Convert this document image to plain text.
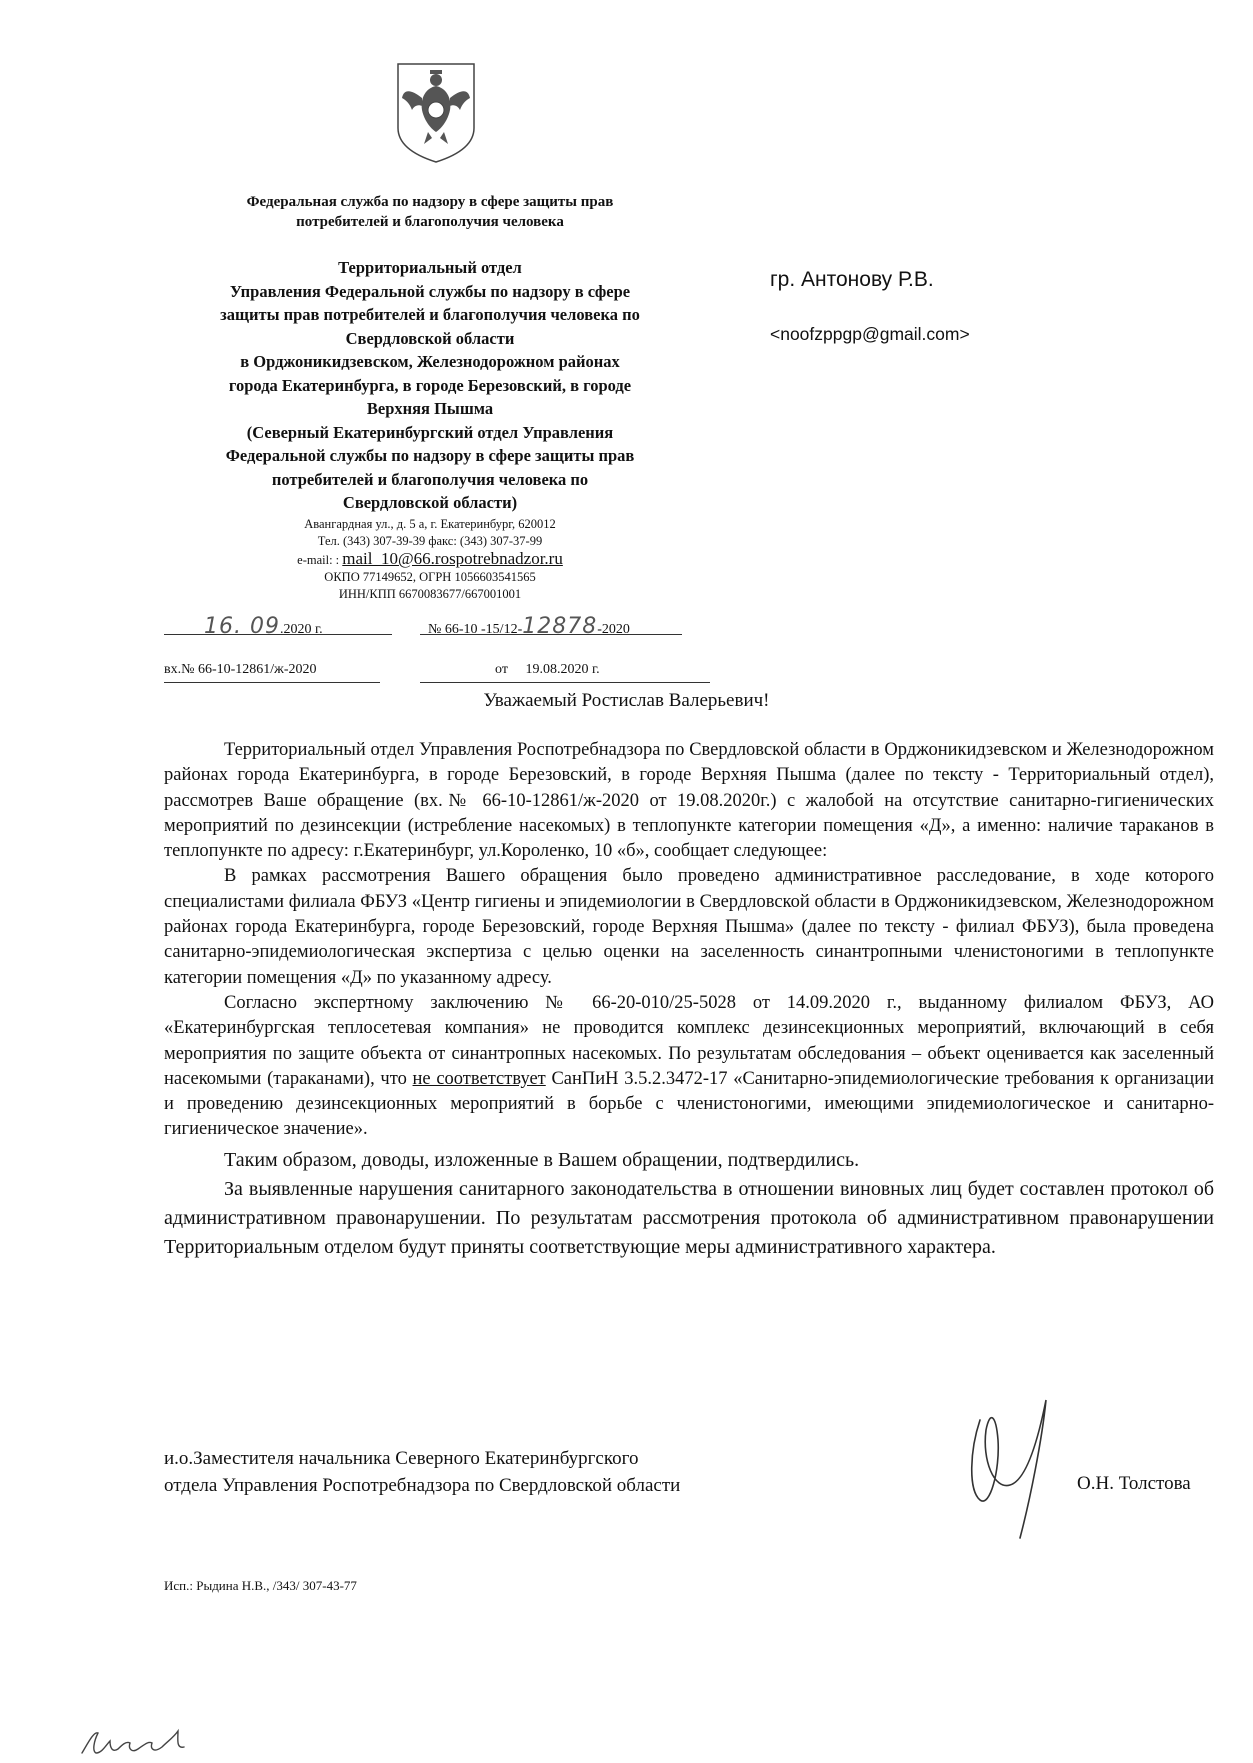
Федеральная служба по надзору в сфере защиты прав
потребителей и благополучия человека
Территориальный отдел
Управления Федеральной службы по надзору в сфере
защиты прав потребителей и благополучия человека по
Свердловской области
в Орджоникидзевском, Железнодорожном районах
города Екатеринбурга, в городе Березовский, в городе
Верхняя Пышма
(Северный Екатеринбургский отдел Управления
Федеральной службы по надзору в сфере защиты прав
потребителей и благополучия человека по
Свердловской области)
Авангардная ул., д. 5 а, г. Екатеринбург, 620012
Тел. (343) 307-39-39 факс: (343) 307-37-99
e-mail: : mail_10@66.rospotrebnadzor.ru
ОКПО 77149652, ОГРН 1056603541565
ИНН/КПП 6670083677/667001001
16. 09.2020 г.	№ 66-10 -15/12-12878-2020
вх.№ 66-10-12861/ж-2020	от 19.08.2020 г.
гр. Антонову Р.В.
<noofzppgp@gmail.com>
Уважаемый Ростислав Валерьевич!

Территориальный отдел Управления Роспотребнадзора по Свердловской области в Орджоникидзевском и Железнодорожном районах города Екатеринбурга, в городе Березовский, в городе Верхняя Пышма (далее по тексту - Территориальный отдел), рассмотрев Ваше обращение (вх.№ 66-10-12861/ж-2020 от 19.08.2020г.) с жалобой на отсутствие санитарно-гигиенических мероприятий по дезинсекции (истребление насекомых) в теплопункте категории помещения «Д», а именно: наличие тараканов в теплопункте по адресу: г.Екатеринбург, ул.Короленко, 10 «б», сообщает следующее:

В рамках рассмотрения Вашего обращения было проведено административное расследование, в ходе которого специалистами филиала ФБУЗ «Центр гигиены и эпидемиологии в Свердловской области в Орджоникидзевском, Железнодорожном районах города Екатеринбурга, городе Березовский, городе Верхняя Пышма» (далее по тексту - филиал ФБУЗ), была проведена санитарно-эпидемиологическая экспертиза с целью оценки на заселенность синантропными членистоногими в теплопункте категории помещения «Д» по указанному адресу.

Согласно экспертному заключению № 66-20-010/25-5028 от 14.09.2020 г., выданному филиалом ФБУЗ, АО «Екатеринбургская теплосетевая компания» не проводится комплекс дезинсекционных мероприятий, включающий в себя мероприятия по защите объекта от синантропных насекомых. По результатам обследования – объект оценивается как заселенный насекомыми (тараканами), что не соответствует СанПиН 3.5.2.3472-17 «Санитарно-эпидемиологические требования к организации и проведению дезинсекционных мероприятий в борьбе с членистоногими, имеющими эпидемиологическое и санитарно-гигиеническое значение».

Таким образом, доводы, изложенные в Вашем обращении, подтвердились.

За выявленные нарушения санитарного законодательства в отношении виновных лиц будет составлен протокол об административном правонарушении. По результатам рассмотрения протокола об административном правонарушении Территориальным отделом будут приняты соответствующие меры административного характера.

и.о.Заместителя начальника Северного Екатеринбургского
отдела Управления Роспотребнадзора по Свердловской области	О.Н. Толстова
Исп.: Рыдина Н.В., /343/ 307-43-77
